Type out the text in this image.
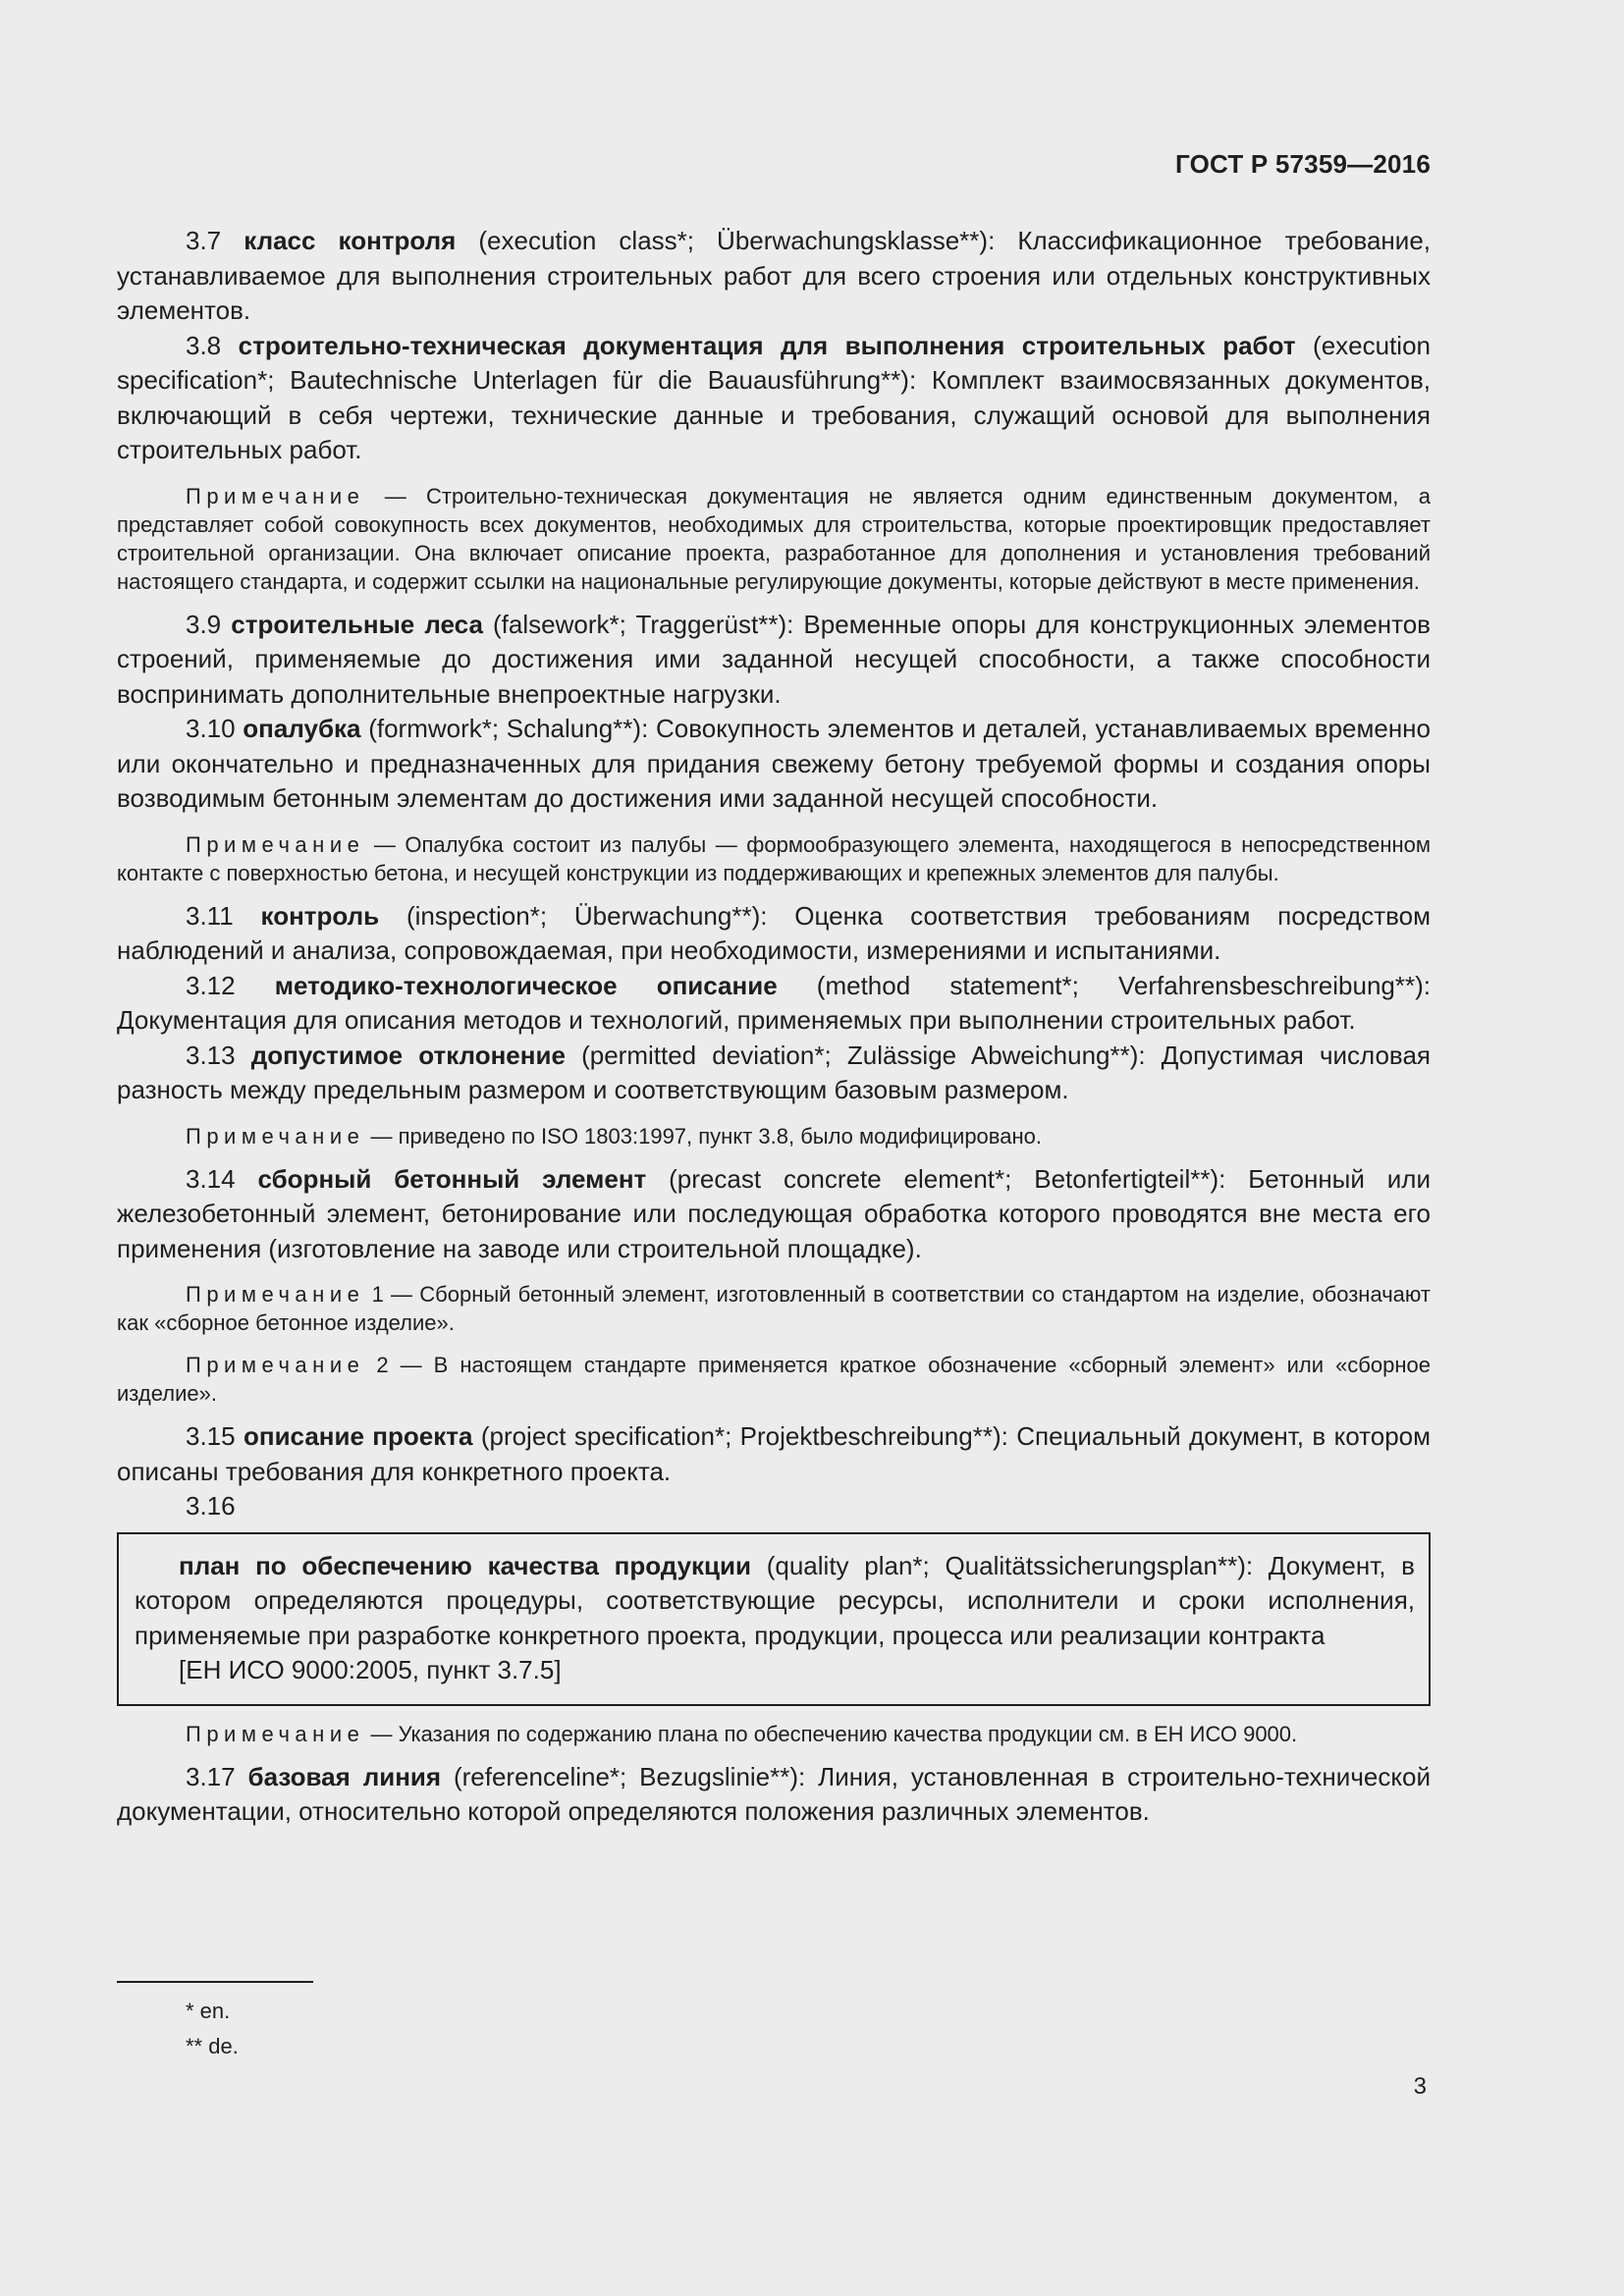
ГОСТ Р 57359—2016

3.7 класс контроля (execution class*; Überwachungsklasse**): Классификационное требование, устанавливаемое для выполнения строительных работ для всего строения или отдельных конструктивных элементов.

3.8 строительно-техническая документация для выполнения строительных работ (execution specification*; Bautechnische Unterlagen für die Bauausführung**): Комплект взаимосвязанных документов, включающий в себя чертежи, технические данные и требования, служащий основой для выполнения строительных работ.

Примечание — Строительно-техническая документация не является одним единственным документом, а представляет собой совокупность всех документов, необходимых для строительства, которые проектировщик предоставляет строительной организации. Она включает описание проекта, разработанное для дополнения и установления требований настоящего стандарта, и содержит ссылки на национальные регулирующие документы, которые действуют в месте применения.

3.9 строительные леса (falsework*; Traggerüst**): Временные опоры для конструкционных элементов строений, применяемые до достижения ими заданной несущей способности, а также способности воспринимать дополнительные внепроектные нагрузки.

3.10 опалубка (formwork*; Schalung**): Совокупность элементов и деталей, устанавливаемых временно или окончательно и предназначенных для придания свежему бетону требуемой формы и создания опоры возводимым бетонным элементам до достижения ими заданной несущей способности.

Примечание — Опалубка состоит из палубы — формообразующего элемента, находящегося в непосредственном контакте с поверхностью бетона, и несущей конструкции из поддерживающих и крепежных элементов для палубы.

3.11 контроль (inspection*; Überwachung**): Оценка соответствия требованиям посредством наблюдений и анализа, сопровождаемая, при необходимости, измерениями и испытаниями.

3.12 методико-технологическое описание (method statement*; Verfahrensbeschreibung**): Документация для описания методов и технологий, применяемых при выполнении строительных работ.

3.13 допустимое отклонение (permitted deviation*; Zulässige Abweichung**): Допустимая числовая разность между предельным размером и соответствующим базовым размером.

Примечание — приведено по ISO 1803:1997, пункт 3.8, было модифицировано.

3.14 сборный бетонный элемент (precast concrete element*; Betonfertigteil**): Бетонный или железобетонный элемент, бетонирование или последующая обработка которого проводятся вне места его применения (изготовление на заводе или строительной площадке).

Примечание 1 — Сборный бетонный элемент, изготовленный в соответствии со стандартом на изделие, обозначают как «сборное бетонное изделие».

Примечание 2 — В настоящем стандарте применяется краткое обозначение «сборный элемент» или «сборное изделие».

3.15 описание проекта (project specification*; Projektbeschreibung**): Специальный документ, в котором описаны требования для конкретного проекта.

3.16

план по обеспечению качества продукции (quality plan*; Qualitätssicherungsplan**): Документ, в котором определяются процедуры, соответствующие ресурсы, исполнители и сроки исполнения, применяемые при разработке конкретного проекта, продукции, процесса или реализации контракта

[ЕН ИСО 9000:2005, пункт 3.7.5]

Примечание — Указания по содержанию плана по обеспечению качества продукции см. в ЕН ИСО 9000.

3.17 базовая линия (referenceline*; Bezugslinie**): Линия, установленная в строительно-технической документации, относительно которой определяются положения различных элементов.

* en.
** de.
3
